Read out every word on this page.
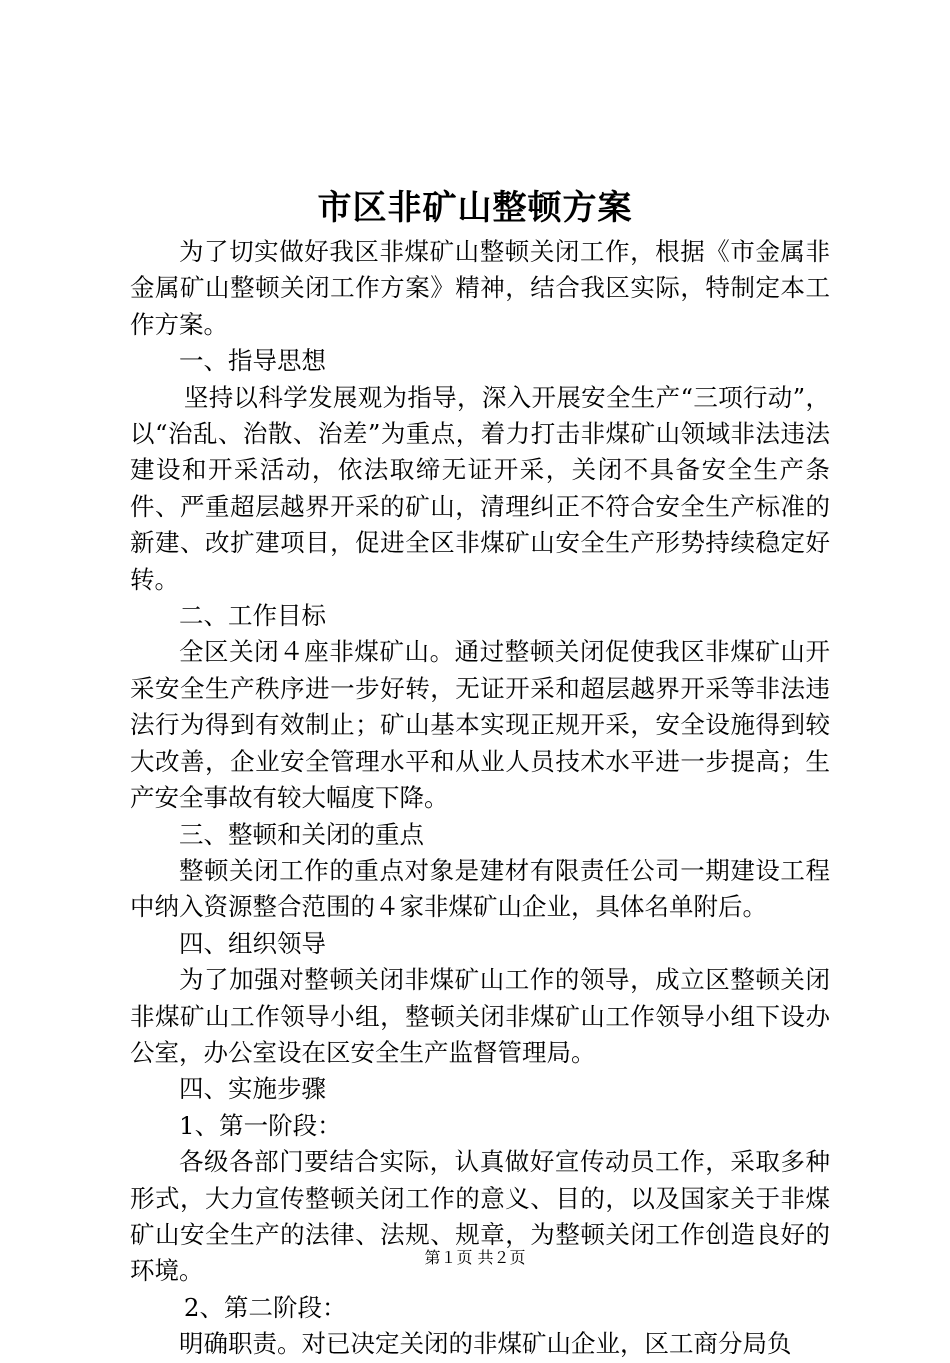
市区非矿山整顿方案

为了切实做好我区非煤矿山整顿关闭工作，根据《市金属非金属矿山整顿关闭工作方案》精神，结合我区实际，特制定本工作方案。

一、指导思想

坚持以科学发展观为指导，深入开展安全生产“三项行动”，以“治乱、治散、治差”为重点，着力打击非煤矿山领域非法违法建设和开采活动，依法取缔无证开采，关闭不具备安全生产条件、严重超层越界开采的矿山，清理纠正不符合安全生产标准的新建、改扩建项目，促进全区非煤矿山安全生产形势持续稳定好转。

二、工作目标

全区关闭４座非煤矿山。通过整顿关闭促使我区非煤矿山开采安全生产秩序进一步好转，无证开采和超层越界开采等非法违法行为得到有效制止；矿山基本实现正规开采，安全设施得到较大改善，企业安全管理水平和从业人员技术水平进一步提高；生产安全事故有较大幅度下降。

三、整顿和关闭的重点

整顿关闭工作的重点对象是建材有限责任公司一期建设工程中纳入资源整合范围的４家非煤矿山企业，具体名单附后。

四、组织领导

为了加强对整顿关闭非煤矿山工作的领导，成立区整顿关闭非煤矿山工作领导小组，整顿关闭非煤矿山工作领导小组下设办公室，办公室设在区安全生产监督管理局。

四、实施步骤

1、第一阶段：

各级各部门要结合实际，认真做好宣传动员工作，采取多种形式，大力宣传整顿关闭工作的意义、目的，以及国家关于非煤矿山安全生产的法律、法规、规章，为整顿关闭工作创造良好的环境。

2、第二阶段：

明确职责。对已决定关闭的非煤矿山企业，区工商分局负

第１页 共２页
